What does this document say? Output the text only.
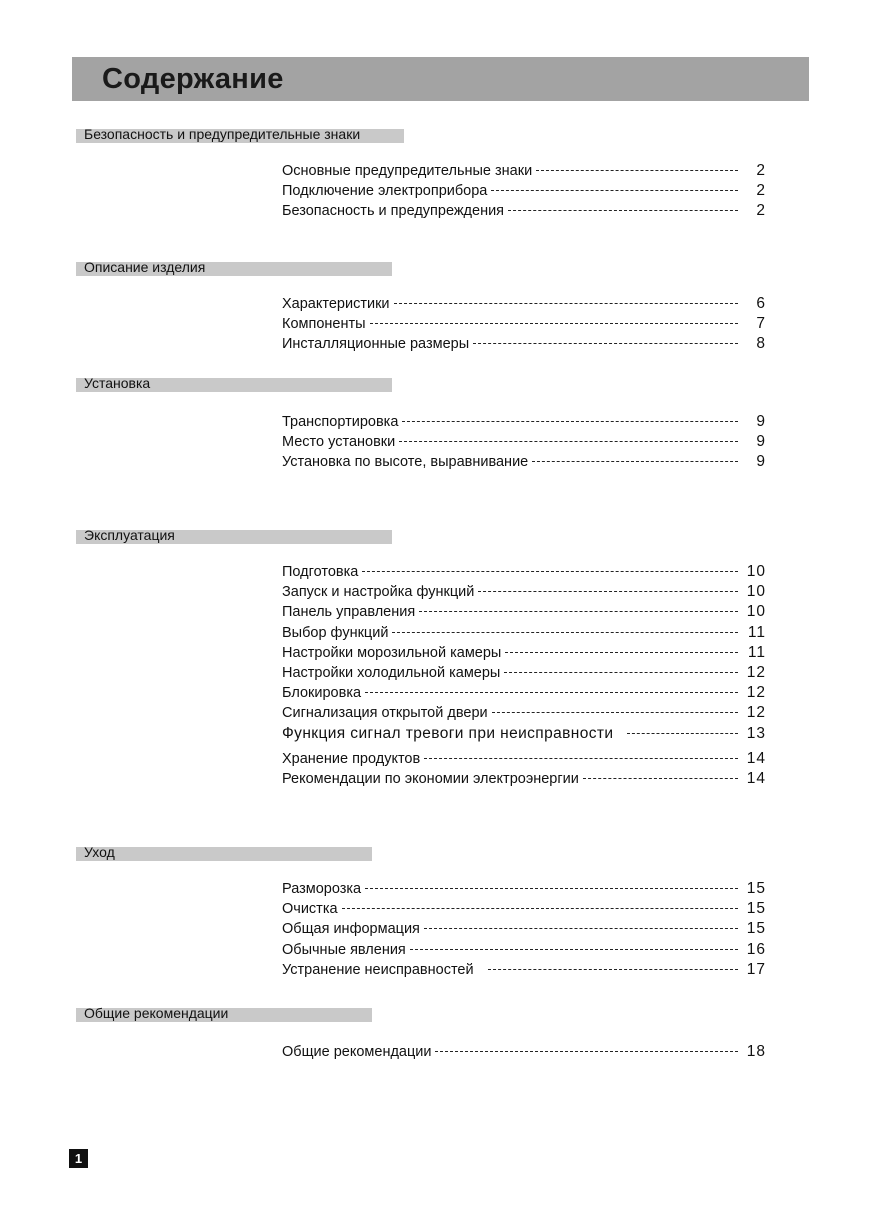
Содержание
Безопасность и предупредительные знаки
Основные предупредительные знаки	2
Подключение электроприбора	2
Безопасность и предупреждения	2
Описание изделия
Характеристики	6
Компоненты	7
Инсталляционные размеры	8
Установка
Транспортировка	9
Место установки	9
Установка по высоте, выравнивание	9
Эксплуатация
Подготовка	10
Запуск и настройка функций	10
Панель управления	10
Выбор функций	11
Настройки морозильной камеры	11
Настройки холодильной камеры	12
Блокировка	12
Сигнализация открытой двери	12
Функция сигнал тревоги при неисправности	13
Хранение продуктов	14
Рекомендации по экономии электроэнергии	14
Уход
Разморозка	15
Очистка	15
Общая информация	15
Обычные явления	16
Устранение неисправностей	17
Общие рекомендации
Общие рекомендации	18
1
